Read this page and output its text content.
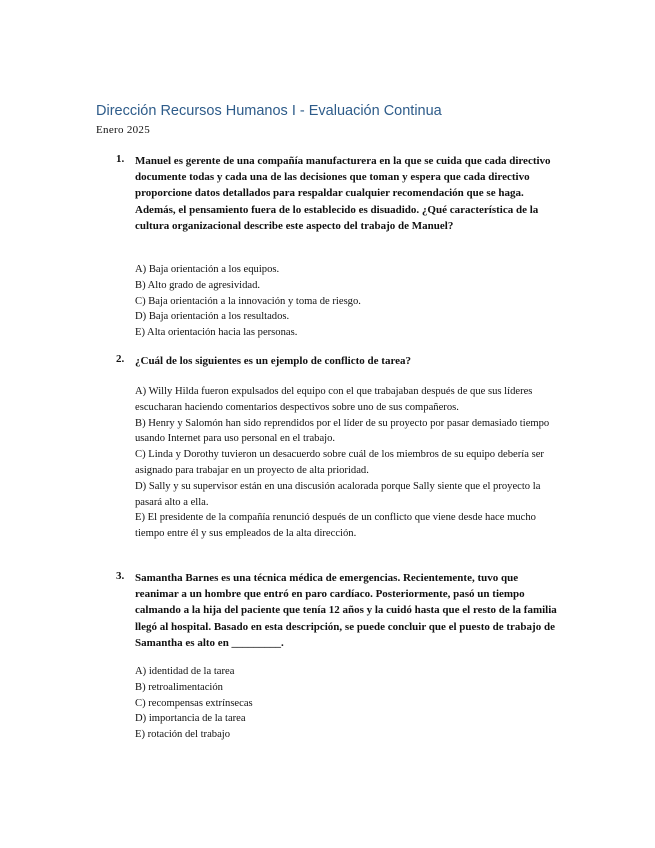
Dirección Recursos Humanos I - Evaluación Continua
Enero 2025
1. Manuel es gerente de una compañía manufacturera en la que se cuida que cada directivo documente todas y cada una de las decisiones que toman y espera que cada directivo proporcione datos detallados para respaldar cualquier recomendación que se haga. Además, el pensamiento fuera de lo establecido es disuadido. ¿Qué característica de la cultura organizacional describe este aspecto del trabajo de Manuel?
A) Baja orientación a los equipos.
B) Alto grado de agresividad.
C) Baja orientación a la innovación y toma de riesgo.
D) Baja orientación a los resultados.
E) Alta orientación hacia las personas.
2. ¿Cuál de los siguientes es un ejemplo de conflicto de tarea?
A) Willy Hilda fueron expulsados del equipo con el que trabajaban después de que sus líderes escucharan haciendo comentarios despectivos sobre uno de sus compañeros.
B) Henry y Salomón han sido reprendidos por el líder de su proyecto por pasar demasiado tiempo usando Internet para uso personal en el trabajo.
C) Linda y Dorothy tuvieron un desacuerdo sobre cuál de los miembros de su equipo debería ser asignado para trabajar en un proyecto de alta prioridad.
D) Sally y su supervisor están en una discusión acalorada porque Sally siente que el proyecto la pasará alto a ella.
E) El presidente de la compañía renunció después de un conflicto que viene desde hace mucho tiempo entre él y sus empleados de la alta dirección.
3. Samantha Barnes es una técnica médica de emergencias. Recientemente, tuvo que reanimar a un hombre que entró en paro cardíaco. Posteriormente, pasó un tiempo calmando a la hija del paciente que tenía 12 años y la cuidó hasta que el resto de la familia llegó al hospital. Basado en esta descripción, se puede concluir que el puesto de trabajo de Samantha es alto en _________.
A) identidad de la tarea
B) retroalimentación
C) recompensas extrínsecas
D) importancia de la tarea
E) rotación del trabajo
